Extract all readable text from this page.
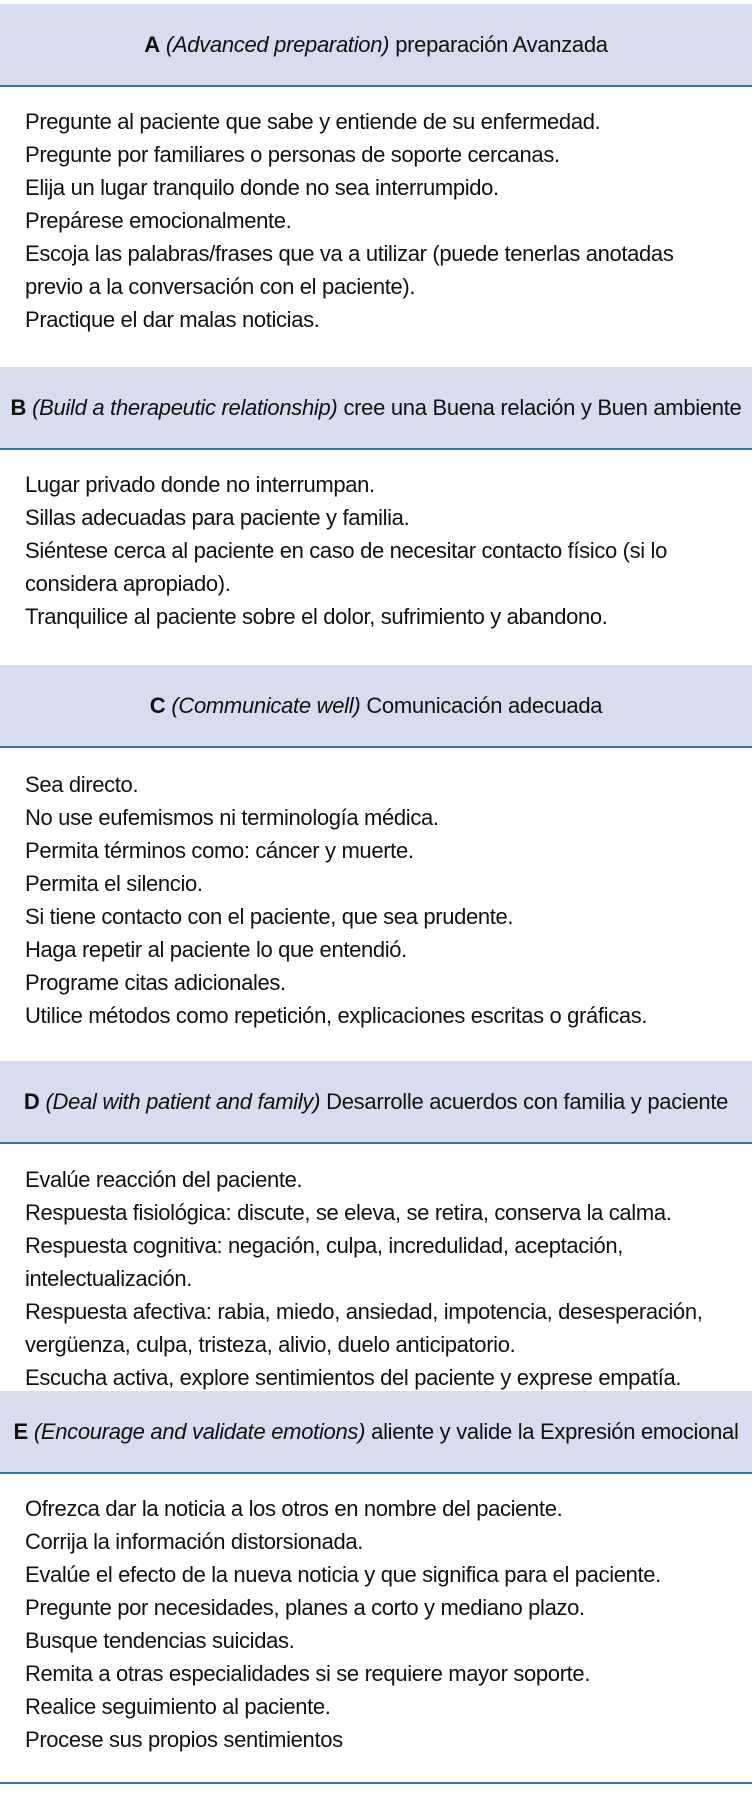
A (Advanced preparation) preparación Avanzada
Pregunte al paciente que sabe y entiende de su enfermedad.
Pregunte por familiares o personas de soporte cercanas.
Elija un lugar tranquilo donde no sea interrumpido.
Prepárese emocionalmente.
Escoja las palabras/frases que va a utilizar (puede tenerlas anotadas previo a la conversación con el paciente).
Practique el dar malas noticias.
B (Build a therapeutic relationship) cree una Buena relación y Buen ambiente
Lugar privado donde no interrumpan.
Sillas adecuadas para paciente y familia.
Siéntese cerca al paciente en caso de necesitar contacto físico (si lo considera apropiado).
Tranquilice al paciente sobre el dolor, sufrimiento y abandono.
C (Communicate well) Comunicación adecuada
Sea directo.
No use eufemismos ni terminología médica.
Permita términos como: cáncer y muerte.
Permita el silencio.
Si tiene contacto con el paciente, que sea prudente.
Haga repetir al paciente lo que entendió.
Programe citas adicionales.
Utilice métodos como repetición, explicaciones escritas o gráficas.
D (Deal with patient and family) Desarrolle acuerdos con familia y paciente
Evalúe reacción del paciente.
Respuesta fisiológica: discute, se eleva, se retira, conserva la calma.
Respuesta cognitiva: negación, culpa, incredulidad, aceptación, intelectualización.
Respuesta afectiva: rabia, miedo, ansiedad, impotencia, desesperación, vergüenza, culpa, tristeza, alivio, duelo anticipatorio.
Escucha activa, explore sentimientos del paciente y exprese empatía.
E (Encourage and validate emotions) aliente y valide la Expresión emocional
Ofrezca dar la noticia a los otros en nombre del paciente.
Corrija la información distorsionada.
Evalúe el efecto de la nueva noticia y que significa para el paciente.
Pregunte por necesidades, planes a corto y mediano plazo.
Busque tendencias suicidas.
Remita a otras especialidades si se requiere mayor soporte.
Realice seguimiento al paciente.
Procese sus propios sentimientos
